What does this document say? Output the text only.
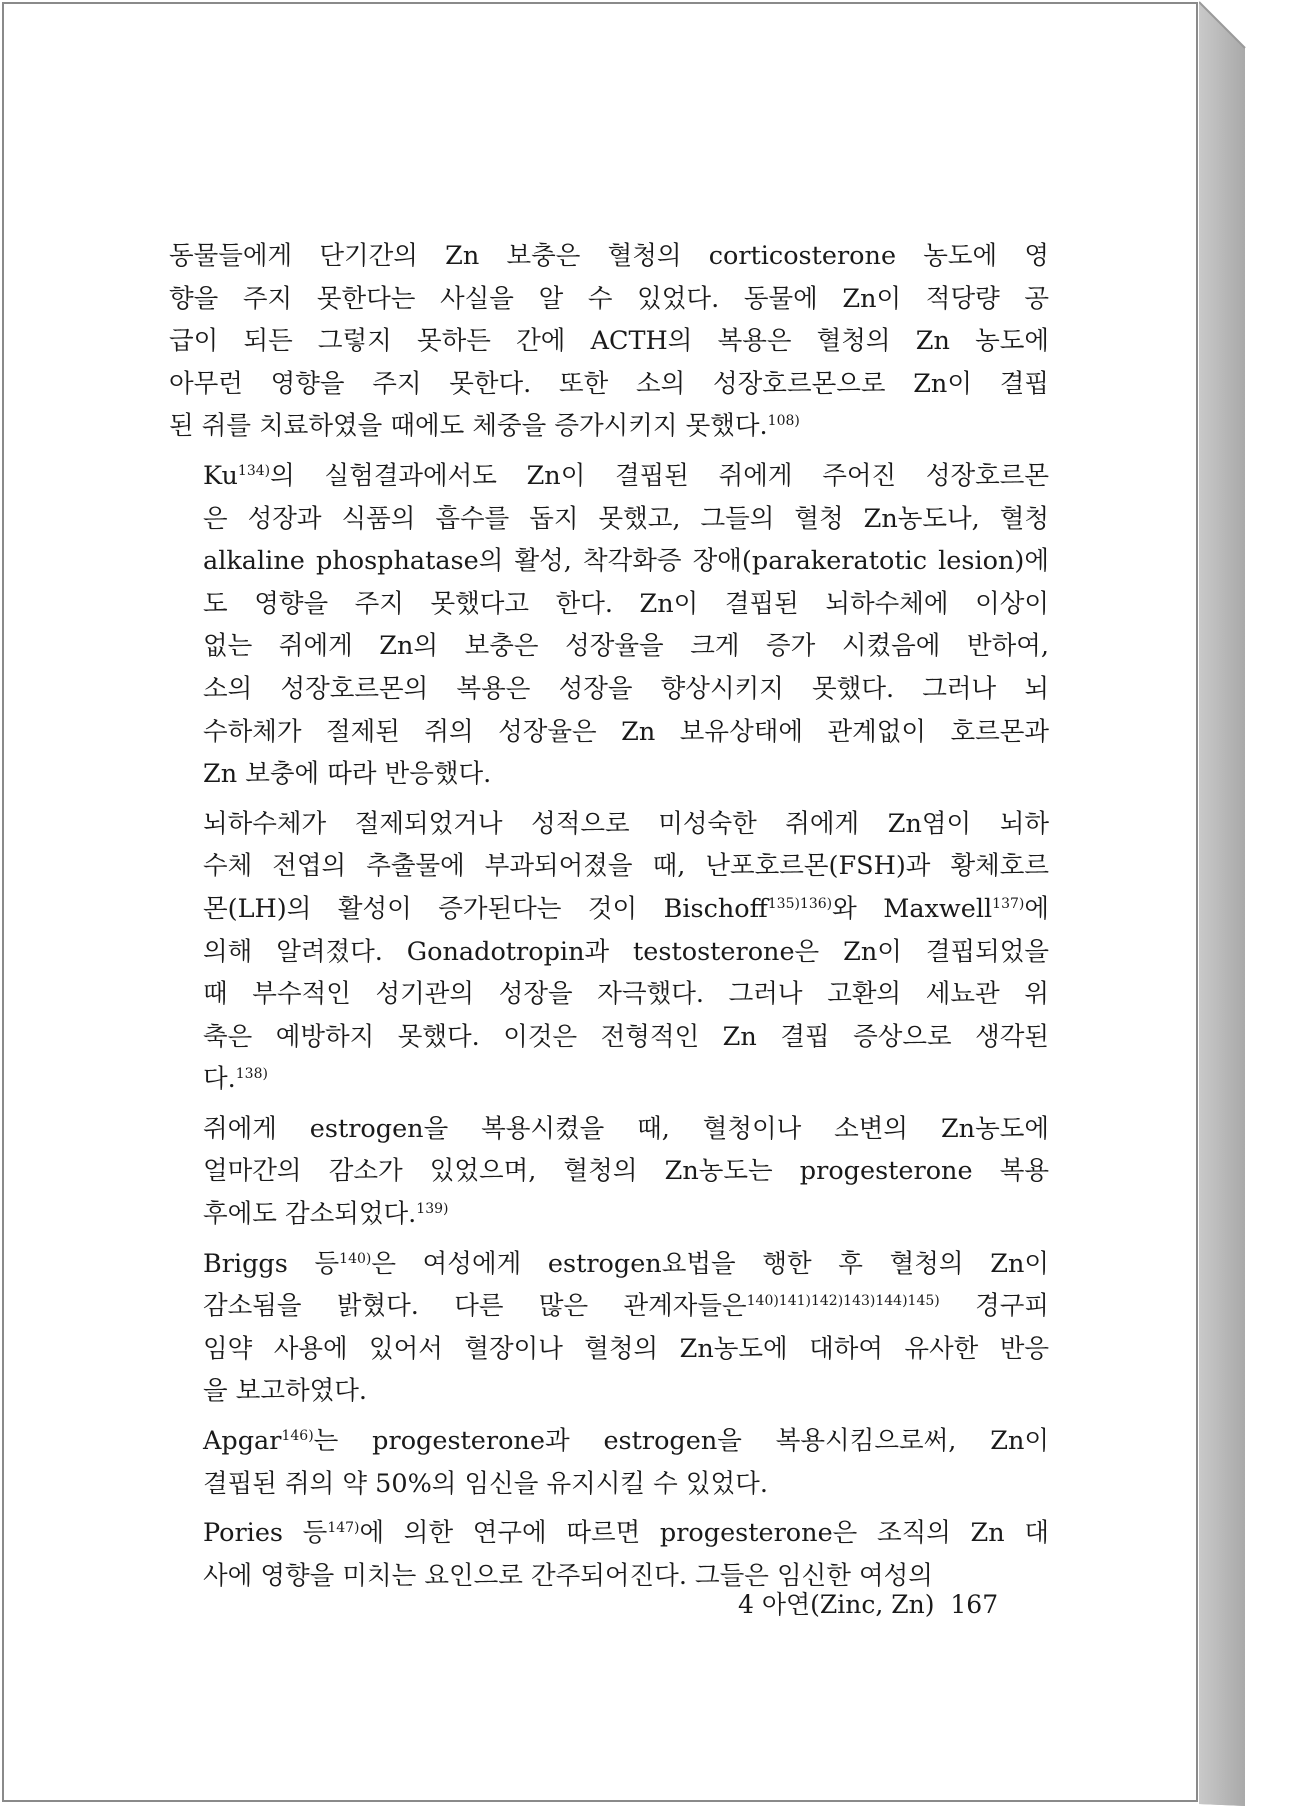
동물들에게 단기간의 Zn 보충은 혈청의 corticosterone 농도에 영
향을 주지 못한다는 사실을 알 수 있었다. 동물에 Zn이 적당량 공
급이 되든 그렇지 못하든 간에 ACTH의 복용은 혈청의 Zn 농도에
아무런 영향을 주지 못한다. 또한 소의 성장호르몬으로 Zn이 결핍
된 쥐를 치료하였을 때에도 체중을 증가시키지 못했다.$^{108)}$

Ku$^{134)}$의 실험결과에서도 Zn이 결핍된 쥐에게 주어진 성장호르몬
은 성장과 식품의 흡수를 돕지 못했고, 그들의 혈청 Zn농도나, 혈청
alkaline phosphatase의 활성, 착각화증 장애(parakeratotic lesion)에
도 영향을 주지 못했다고 한다. Zn이 결핍된 뇌하수체에 이상이
없는 쥐에게 Zn의 보충은 성장율을 크게 증가 시켰음에 반하여,
소의 성장호르몬의 복용은 성장을 향상시키지 못했다. 그러나 뇌
수하체가 절제된 쥐의 성장율은 Zn 보유상태에 관계없이 호르몬과
Zn 보충에 따라 반응했다.

뇌하수체가 절제되었거나 성적으로 미성숙한 쥐에게 Zn염이 뇌하
수체 전엽의 추출물에 부과되어졌을 때, 난포호르몬(FSH)과 황체호르
몬(LH)의 활성이 증가된다는 것이 Bischoff$^{135)136)}$와 Maxwell$^{137)}$에
의해 알려졌다. Gonadotropin과 testosterone은 Zn이 결핍되었을
때 부수적인 성기관의 성장을 자극했다. 그러나 고환의 세뇨관 위
축은 예방하지 못했다. 이것은 전형적인 Zn 결핍 증상으로 생각된
다.$^{138)}$

쥐에게 estrogen을 복용시켰을 때, 혈청이나 소변의 Zn농도에
얼마간의 감소가 있었으며, 혈청의 Zn농도는 progesterone 복용
후에도 감소되었다.$^{139)}$

Briggs 등$^{140)}$은 여성에게 estrogen요법을 행한 후 혈청의 Zn이
감소됨을 밝혔다. 다른 많은 관계자들은$^{140)141)142)143)144)145)}$ 경구피
임약 사용에 있어서 혈장이나 혈청의 Zn농도에 대하여 유사한 반응
을 보고하였다.

Apgar$^{146)}$는 progesterone과 estrogen을 복용시킴으로써, Zn이
결핍된 쥐의 약 50%의 임신을 유지시킬 수 있었다.

Pories 등$^{147)}$에 의한 연구에 따르면 progesterone은 조직의 Zn 대
사에 영향을 미치는 요인으로 간주되어진다. 그들은 임신한 여성의

4 아연(Zinc, Zn) 167
